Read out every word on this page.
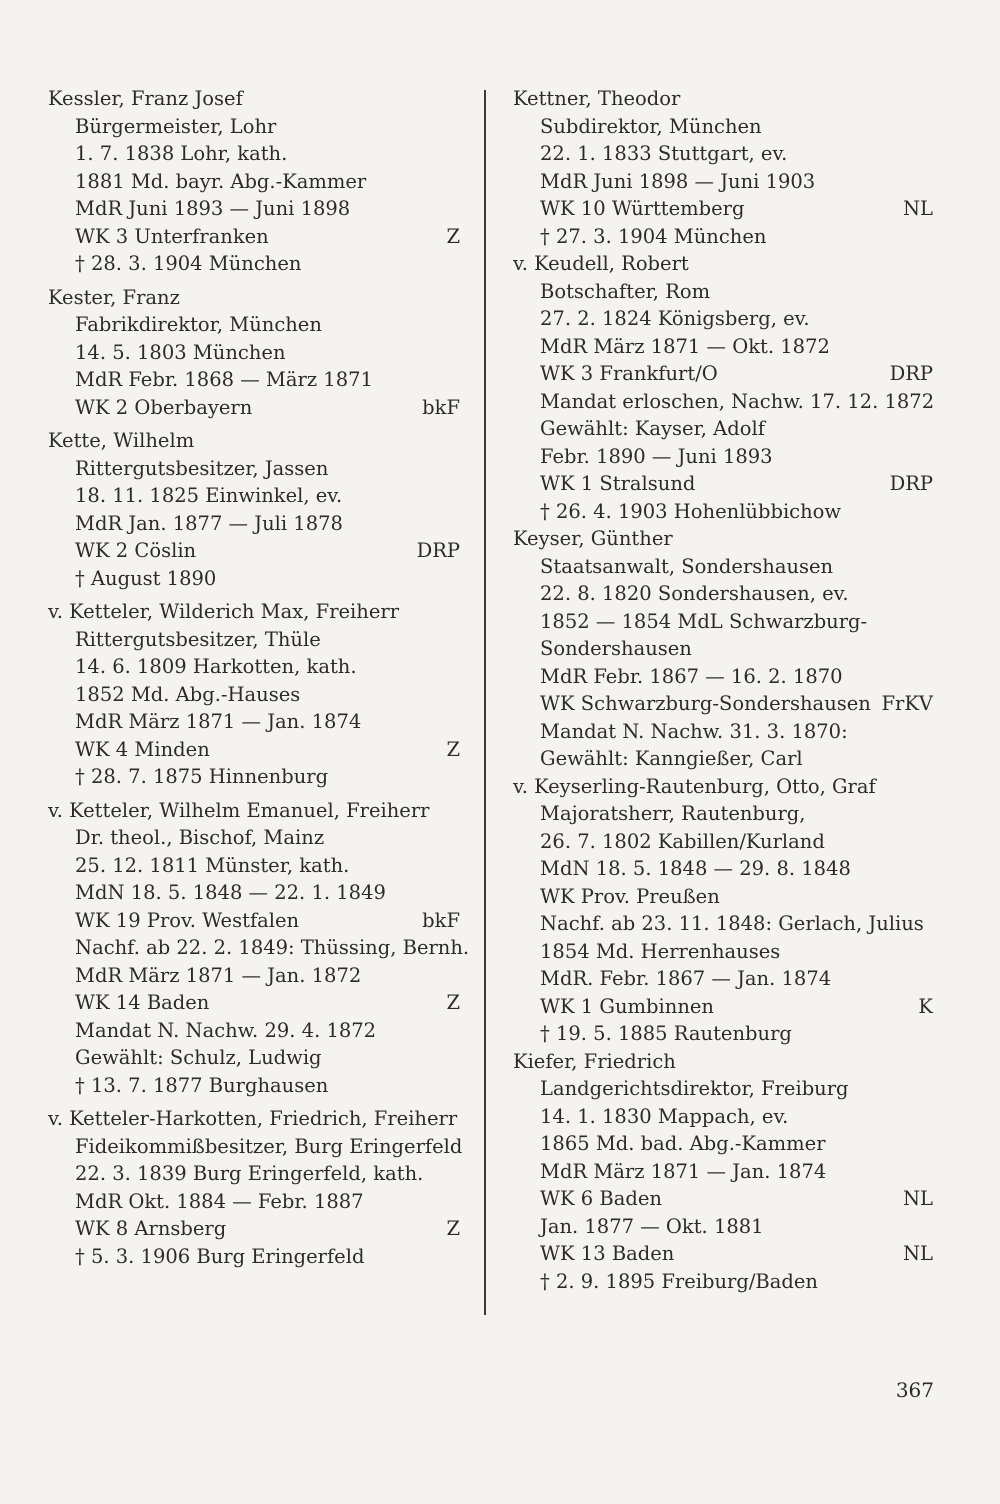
Kessler, Franz Josef
Bürgermeister, Lohr
1. 7. 1838 Lohr, kath.
1881 Md. bayr. Abg.-Kammer
MdR Juni 1893 — Juni 1898
WK 3 Unterfranken	Z
† 28. 3. 1904 München
Kester, Franz
Fabrikdirektor, München
14. 5. 1803 München
MdR Febr. 1868 — März 1871
WK 2 Oberbayern	bkF
Kette, Wilhelm
Rittergutsbesitzer, Jassen
18. 11. 1825 Einwinkel, ev.
MdR Jan. 1877 — Juli 1878
WK 2 Cöslin	DRP
† August 1890
v. Ketteler, Wilderich Max, Freiherr
Rittergutsbesitzer, Thüle
14. 6. 1809 Harkotten, kath.
1852 Md. Abg.-Hauses
MdR März 1871 — Jan. 1874
WK 4 Minden	Z
† 28. 7. 1875 Hinnenburg
v. Ketteler, Wilhelm Emanuel, Freiherr
Dr. theol., Bischof, Mainz
25. 12. 1811 Münster, kath.
MdN 18. 5. 1848 — 22. 1. 1849
WK 19 Prov. Westfalen	bkF
Nachf. ab 22. 2. 1849: Thüssing, Bernh.
MdR März 1871 — Jan. 1872
WK 14 Baden	Z
Mandat N. Nachw. 29. 4. 1872
Gewählt: Schulz, Ludwig
† 13. 7. 1877 Burghausen
v. Ketteler-Harkotten, Friedrich, Freiherr
Fideikommißbesitzer, Burg Eringerfeld
22. 3. 1839 Burg Eringerfeld, kath.
MdR Okt. 1884 — Febr. 1887
WK 8 Arnsberg	Z
† 5. 3. 1906 Burg Eringerfeld
Kettner, Theodor
Subdirektor, München
22. 1. 1833 Stuttgart, ev.
MdR Juni 1898 — Juni 1903
WK 10 Württemberg	NL
† 27. 3. 1904 München
v. Keudell, Robert
Botschafter, Rom
27. 2. 1824 Königsberg, ev.
MdR März 1871 — Okt. 1872
WK 3 Frankfurt/O	DRP
Mandat erloschen, Nachw. 17. 12. 1872
Gewählt: Kayser, Adolf
Febr. 1890 — Juni 1893
WK 1 Stralsund	DRP
† 26. 4. 1903 Hohenlübbichow
Keyser, Günther
Staatsanwalt, Sondershausen
22. 8. 1820 Sondershausen, ev.
1852 — 1854 MdL Schwarzburg-
Sondershausen
MdR Febr. 1867 — 16. 2. 1870
WK Schwarzburg-Sondershausen FrKV
Mandat N. Nachw. 31. 3. 1870:
Gewählt: Kanngießer, Carl
v. Keyserling-Rautenburg, Otto, Graf
Majoratsherr, Rautenburg,
26. 7. 1802 Kabillen/Kurland
MdN 18. 5. 1848 — 29. 8. 1848
WK Prov. Preußen
Nachf. ab 23. 11. 1848: Gerlach, Julius
1854 Md. Herrenhauses
MdR. Febr. 1867 — Jan. 1874
WK 1 Gumbinnen	K
† 19. 5. 1885 Rautenburg
Kiefer, Friedrich
Landgerichtsdirektor, Freiburg
14. 1. 1830 Mappach, ev.
1865 Md. bad. Abg.-Kammer
MdR März 1871 — Jan. 1874
WK 6 Baden	NL
Jan. 1877 — Okt. 1881
WK 13 Baden	NL
† 2. 9. 1895 Freiburg/Baden
367
